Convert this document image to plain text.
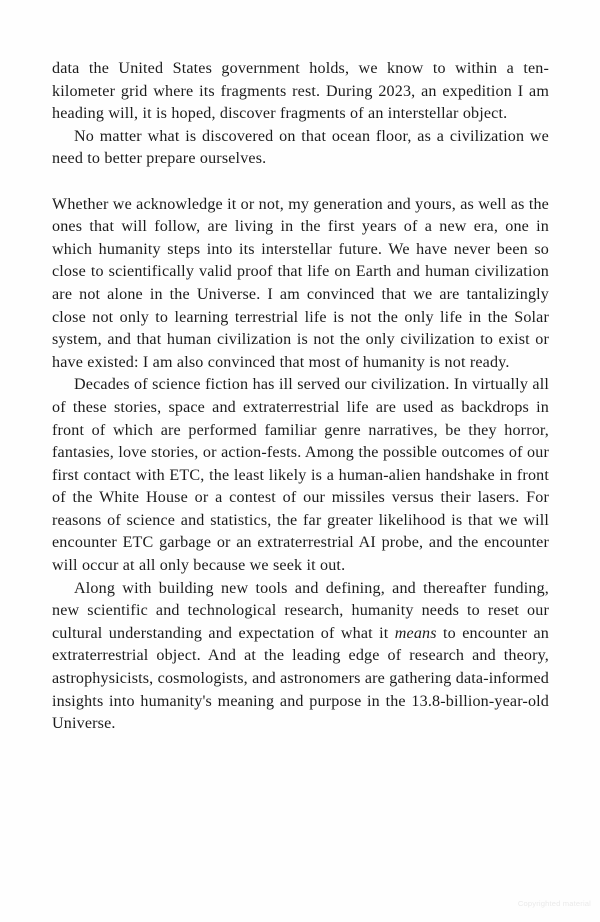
data the United States government holds, we know to within a ten-kilometer grid where its fragments rest. During 2023, an expedition I am heading will, it is hoped, discover fragments of an interstellar object.

No matter what is discovered on that ocean floor, as a civilization we need to better prepare ourselves.

Whether we acknowledge it or not, my generation and yours, as well as the ones that will follow, are living in the first years of a new era, one in which humanity steps into its interstellar future. We have never been so close to scientifically valid proof that life on Earth and human civilization are not alone in the Universe. I am convinced that we are tantalizingly close not only to learning terrestrial life is not the only life in the Solar system, and that human civilization is not the only civilization to exist or have existed: I am also convinced that most of humanity is not ready.

Decades of science fiction has ill served our civilization. In virtually all of these stories, space and extraterrestrial life are used as backdrops in front of which are performed familiar genre narratives, be they horror, fantasies, love stories, or action-fests. Among the possible outcomes of our first contact with ETC, the least likely is a human-alien handshake in front of the White House or a contest of our missiles versus their lasers. For reasons of science and statistics, the far greater likelihood is that we will encounter ETC garbage or an extraterrestrial AI probe, and the encounter will occur at all only because we seek it out.

Along with building new tools and defining, and thereafter funding, new scientific and technological research, humanity needs to reset our cultural understanding and expectation of what it means to encounter an extraterrestrial object. And at the leading edge of research and theory, astrophysicists, cosmologists, and astronomers are gathering data-informed insights into humanity's meaning and purpose in the 13.8-billion-year-old Universe.

Copyrighted material
